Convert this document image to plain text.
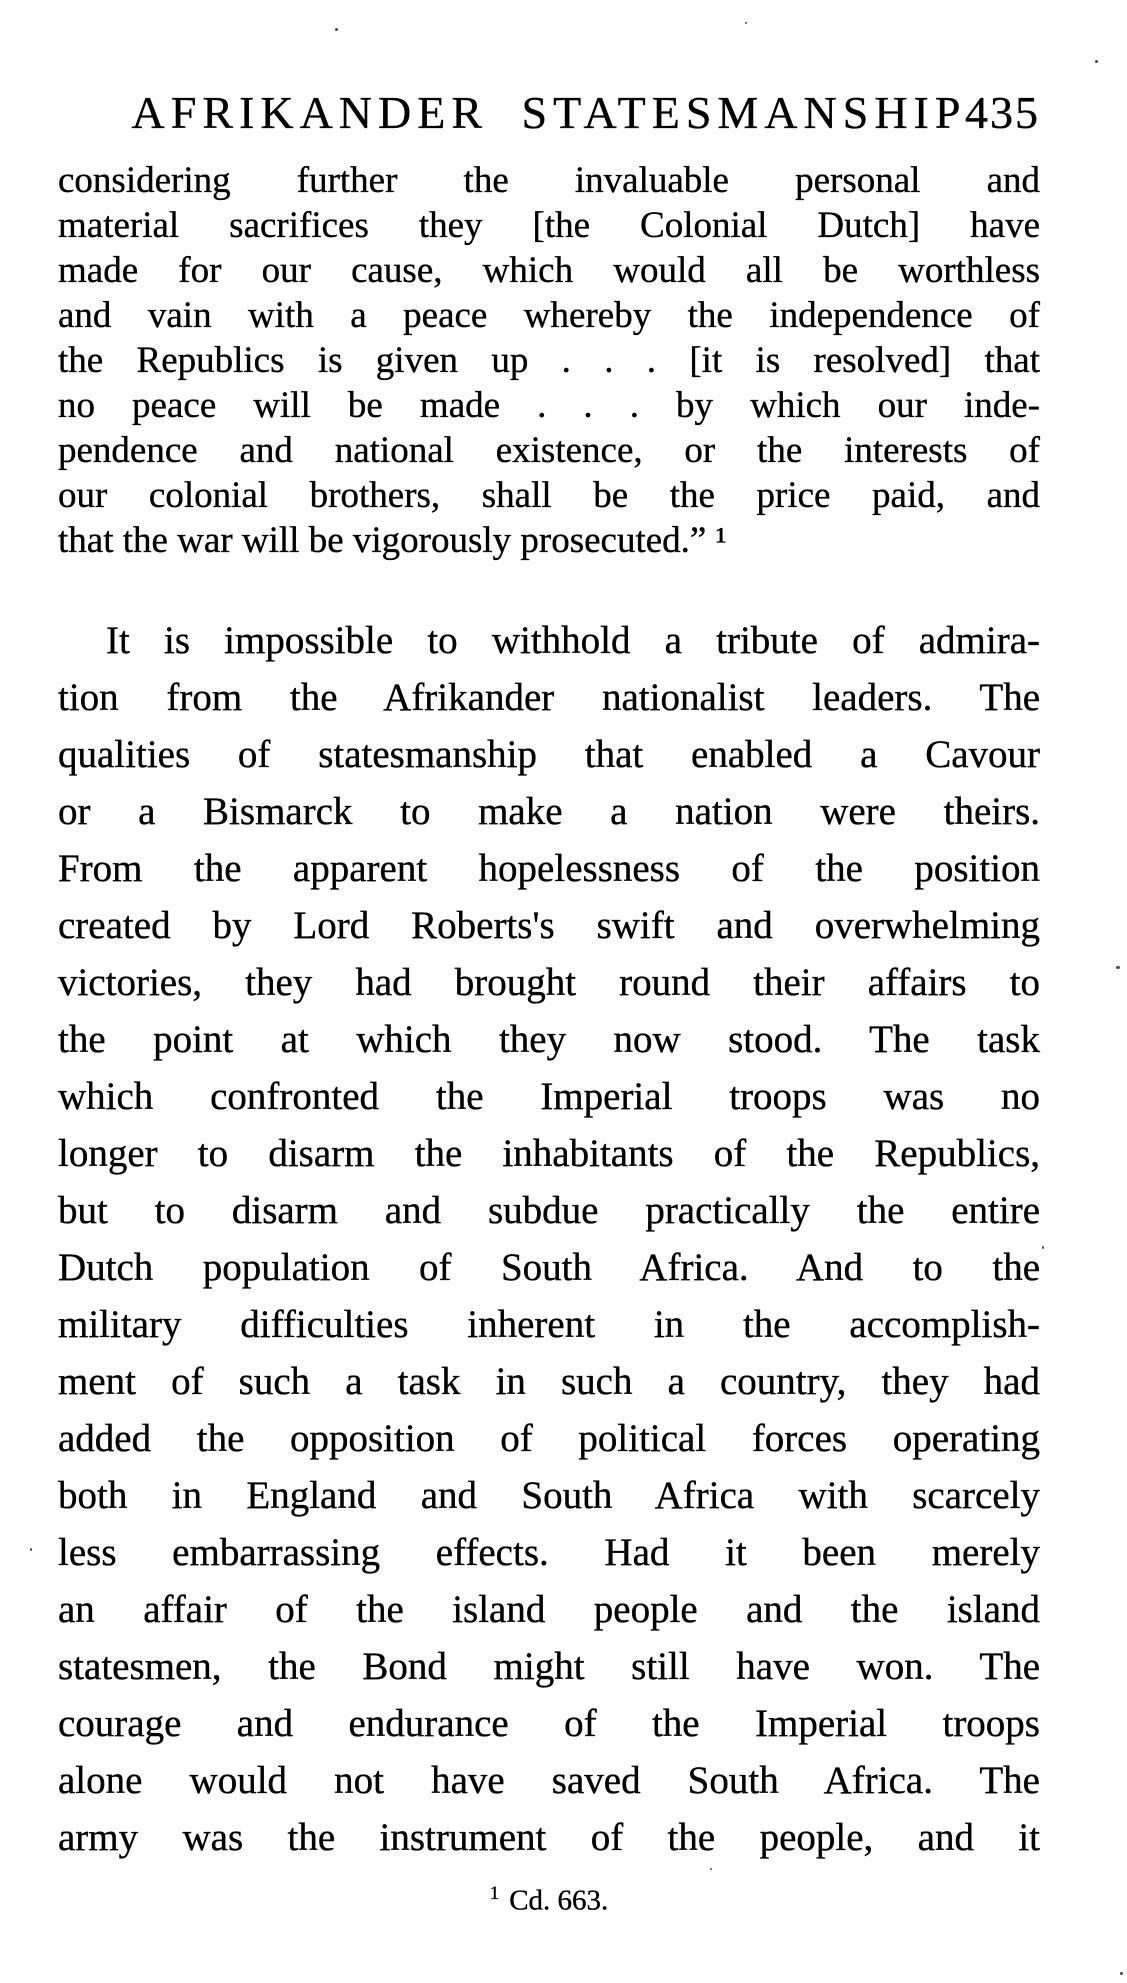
AFRIKANDER STATESMANSHIP
435
considering further the invaluable personal and
material sacrifices they [the Colonial Dutch] have
made for our cause, which would all be worthless
and vain with a peace whereby the independence of
the Republics is given up . . . [it is resolved] that
no peace will be made . . . by which our inde-
pendence and national existence, or the interests of
our colonial brothers, shall be the price paid, and
that the war will be vigorously prosecuted.” ¹
It is impossible to withhold a tribute of admira-
tion from the Afrikander nationalist leaders. The
qualities of statesmanship that enabled a Cavour
or a Bismarck to make a nation were theirs.
From the apparent hopelessness of the position
created by Lord Roberts's swift and overwhelming
victories, they had brought round their affairs to
the point at which they now stood. The task
which confronted the Imperial troops was no
longer to disarm the inhabitants of the Republics,
but to disarm and subdue practically the entire
Dutch population of South Africa. And to the
military difficulties inherent in the accomplish-
ment of such a task in such a country, they had
added the opposition of political forces operating
both in England and South Africa with scarcely
less embarrassing effects. Had it been merely
an affair of the island people and the island
statesmen, the Bond might still have won. The
courage and endurance of the Imperial troops
alone would not have saved South Africa. The
army was the instrument of the people, and it
$^1$ Cd. 663.
